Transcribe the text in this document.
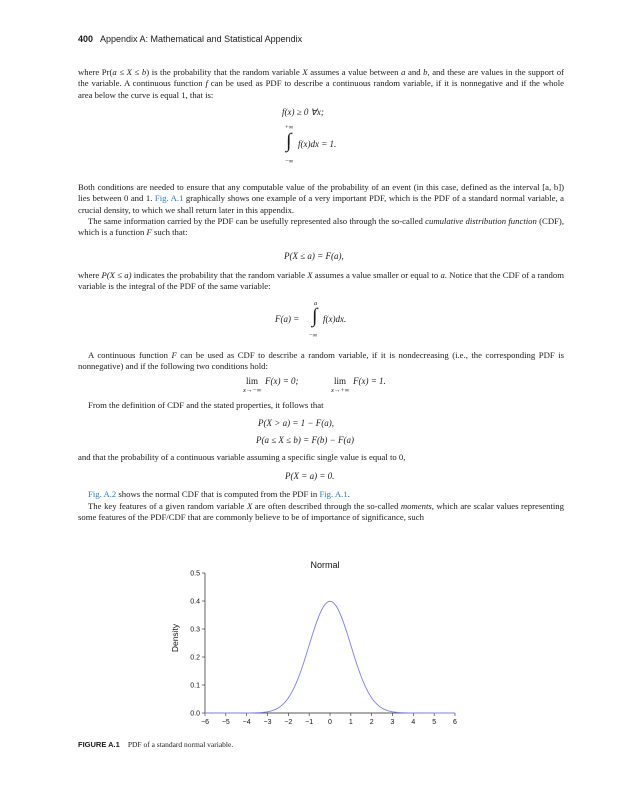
400 Appendix A: Mathematical and Statistical Appendix
where Pr(a ≤ X ≤ b) is the probability that the random variable X assumes a value between a and b, and these are values in the support of the variable. A continuous function f can be used as PDF to describe a continuous random variable, if it is nonnegative and if the whole area below the curve is equal 1, that is:
f(x) ≥ 0 ∀x;
+∞
∫ f(x)dx = 1.
−∞
Both conditions are needed to ensure that any computable value of the probability of an event (in this case, defined as the interval [a, b]) lies between 0 and 1. Fig. A.1 graphically shows one example of a very important PDF, which is the PDF of a standard normal variable, a crucial density, to which we shall return later in this appendix.
The same information carried by the PDF can be usefully represented also through the so-called cumulative distribution function (CDF), which is a function F such that:
P(X ≤ a) = F(a),
where P(X ≤ a) indicates the probability that the random variable X assumes a value smaller or equal to a. Notice that the CDF of a random variable is the integral of the PDF of the same variable:
F(a) =
a
∫ f(x)dx.
−∞
A continuous function F can be used as CDF to describe a random variable, if it is nondecreasing (i.e., the corresponding PDF is nonnegative) and if the following two conditions hold:
lim
x→−∞
F(x) = 0;	lim
x→+∞
F(x) = 1.
From the definition of CDF and the stated properties, it follows that
P(X > a) = 1 − F(a),
P(a ≤ X ≤ b) = F(b) − F(a)
and that the probability of a continuous variable assuming a specific single value is equal to 0,
P(X = a) = 0.
Fig. A.2 shows the normal CDF that is computed from the PDF in Fig. A.1.
The key features of a given random variable X are often described through the so-called moments, which are scalar values representing some features of the PDF/CDF that are commonly believe to be of importance of significance, such
Normal
Density
−6 −5 −4 −3 −2 −1 0 1 2 3 4 5 6
0.0
0.1
0.2
0.3
0.4
0.5
FIGURE A.1 PDF of a standard normal variable.
